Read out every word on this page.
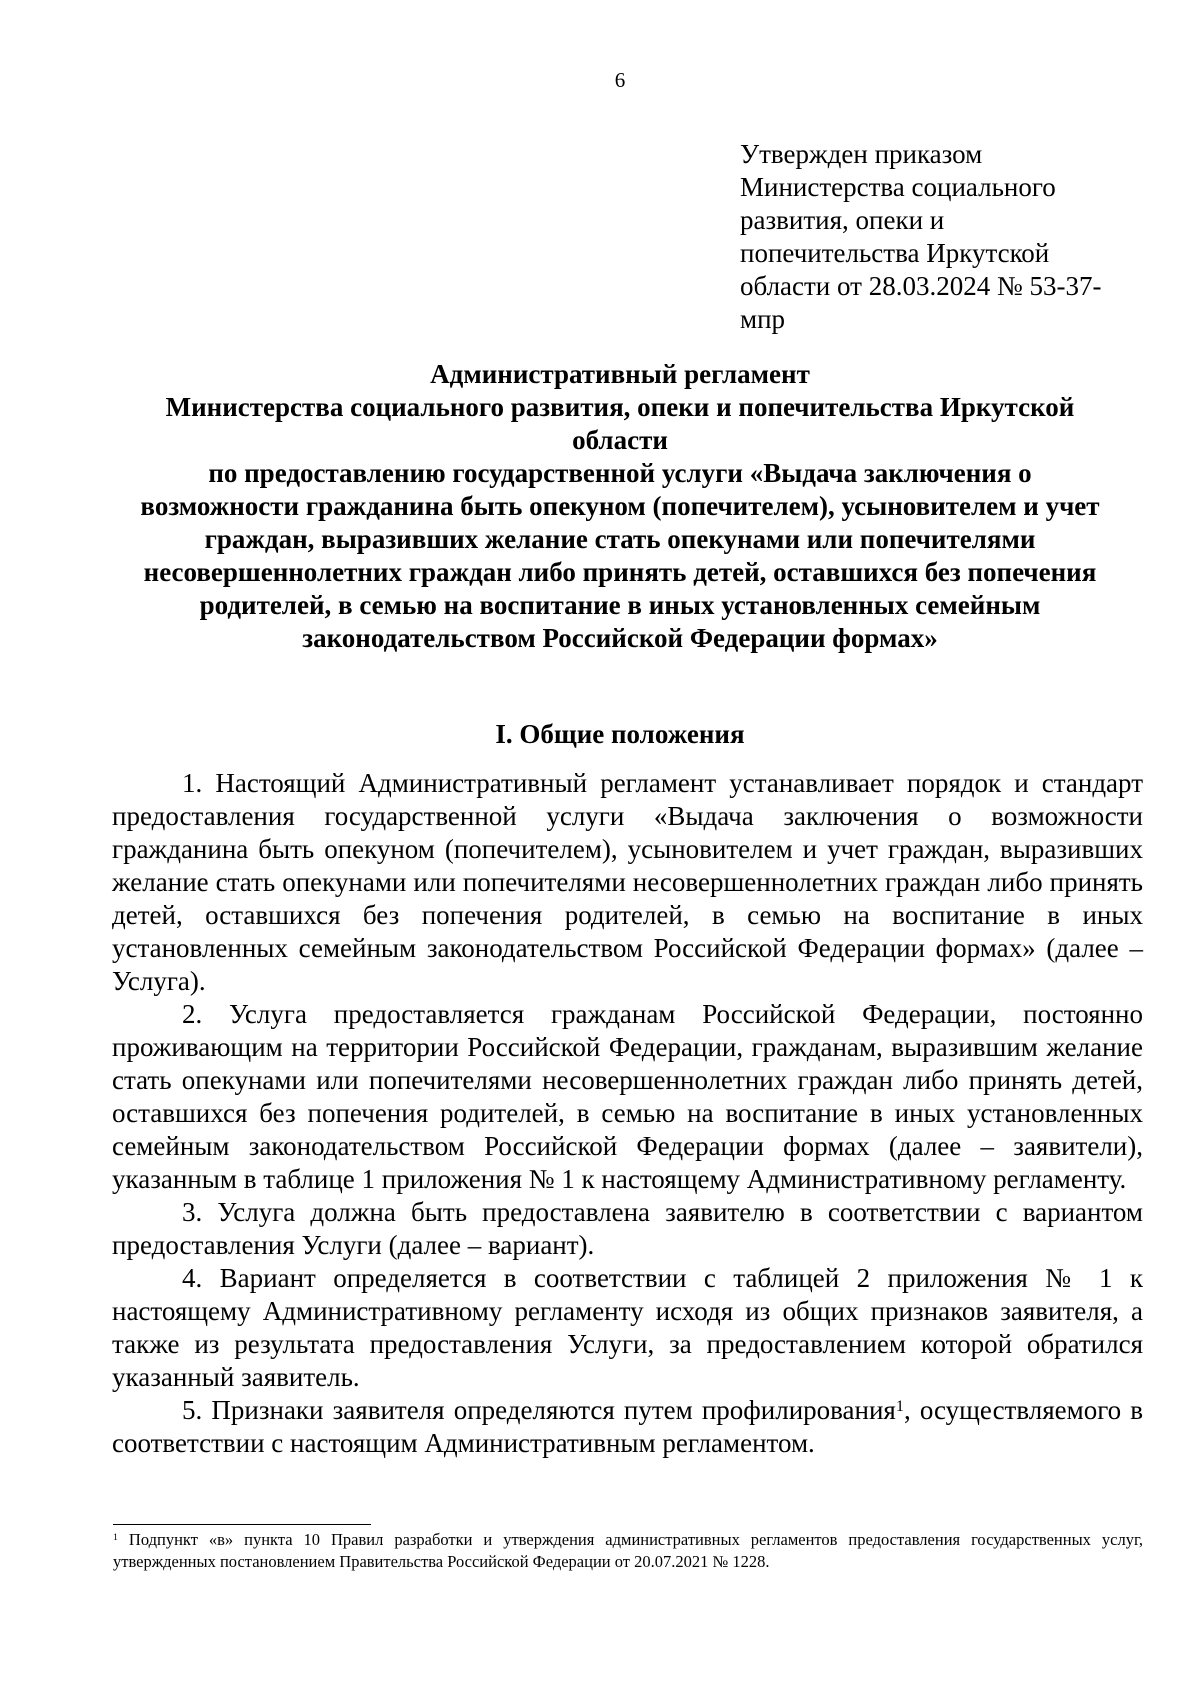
6
Утвержден приказом
Министерства социального
развития, опеки и
попечительства Иркутской
области от 28.03.2024 № 53-37-
мпр
Административный регламент
Министерства социального развития, опеки и попечительства Иркутской
области
по предоставлению государственной услуги «Выдача заключения о
возможности гражданина быть опекуном (попечителем), усыновителем и учет
граждан, выразивших желание стать опекунами или попечителями
несовершеннолетних граждан либо принять детей, оставшихся без попечения
родителей, в семью на воспитание в иных установленных семейным
законодательством Российской Федерации формах»
I. Общие положения

1. Настоящий Административный регламент устанавливает порядок и стандарт предоставления государственной услуги «Выдача заключения о возможности гражданина быть опекуном (попечителем), усыновителем и учет граждан, выразивших желание стать опекунами или попечителями несовершеннолетних граждан либо принять детей, оставшихся без попечения родителей, в семью на воспитание в иных установленных семейным законодательством Российской Федерации формах» (далее – Услуга).

2. Услуга предоставляется гражданам Российской Федерации, постоянно проживающим на территории Российской Федерации, гражданам, выразившим желание стать опекунами или попечителями несовершеннолетних граждан либо принять детей, оставшихся без попечения родителей, в семью на воспитание в иных установленных семейным законодательством Российской Федерации формах (далее – заявители), указанным в таблице 1 приложения № 1 к настоящему Административному регламенту.

3. Услуга должна быть предоставлена заявителю в соответствии с вариантом предоставления Услуги (далее – вариант).

4. Вариант определяется в соответствии с таблицей 2 приложения № 1 к настоящему Административному регламенту исходя из общих признаков заявителя, а также из результата предоставления Услуги, за предоставлением которой обратился указанный заявитель.

5. Признаки заявителя определяются путем профилирования$^1$, осуществляемого в соответствии с настоящим Административным регламентом.

$^1$ Подпункт «в» пункта 10 Правил разработки и утверждения административных регламентов предоставления государственных услуг, утвержденных постановлением Правительства Российской Федерации от 20.07.2021 № 1228.
